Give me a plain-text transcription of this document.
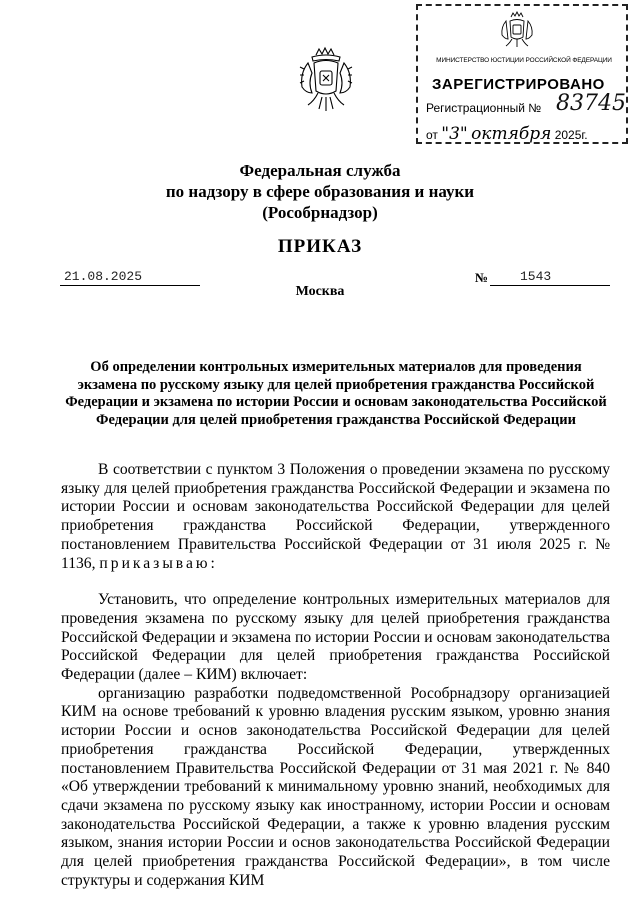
МИНИСТЕРСТВО ЮСТИЦИИ РОССИЙСКОЙ ФЕДЕРАЦИИ
ЗАРЕГИСТРИРОВАНО
Регистрационный № 83745
от "3" октября 2025г.
Федеральная служба
по надзору в сфере образования и науки
(Рособрнадзор)
ПРИКАЗ
21.08.2025	№	1543
Москва
Об определении контрольных измерительных материалов для проведения экзамена по русскому языку для целей приобретения гражданства Российской Федерации и экзамена по истории России и основам законодательства Российской Федерации для целей приобретения гражданства Российской Федерации

В соответствии с пунктом 3 Положения о проведении экзамена по русскому языку для целей приобретения гражданства Российской Федерации и экзамена по истории России и основам законодательства Российской Федерации для целей приобретения гражданства Российской Федерации, утвержденного постановлением Правительства Российской Федерации от 31 июля 2025 г. № 1136, приказываю:

Установить, что определение контрольных измерительных материалов для проведения экзамена по русскому языку для целей приобретения гражданства Российской Федерации и экзамена по истории России и основам законодательства Российской Федерации для целей приобретения гражданства Российской Федерации (далее – КИМ) включает:

организацию разработки подведомственной Рособрнадзору организацией КИМ на основе требований к уровню владения русским языком, уровню знания истории России и основ законодательства Российской Федерации для целей приобретения гражданства Российской Федерации, утвержденных постановлением Правительства Российской Федерации от 31 мая 2021 г. № 840 «Об утверждении требований к минимальному уровню знаний, необходимых для сдачи экзамена по русскому языку как иностранному, истории России и основам законодательства Российской Федерации, а также к уровню владения русским языком, знания истории России и основ законодательства Российской Федерации для целей приобретения гражданства Российской Федерации», в том числе структуры и содержания КИМ
